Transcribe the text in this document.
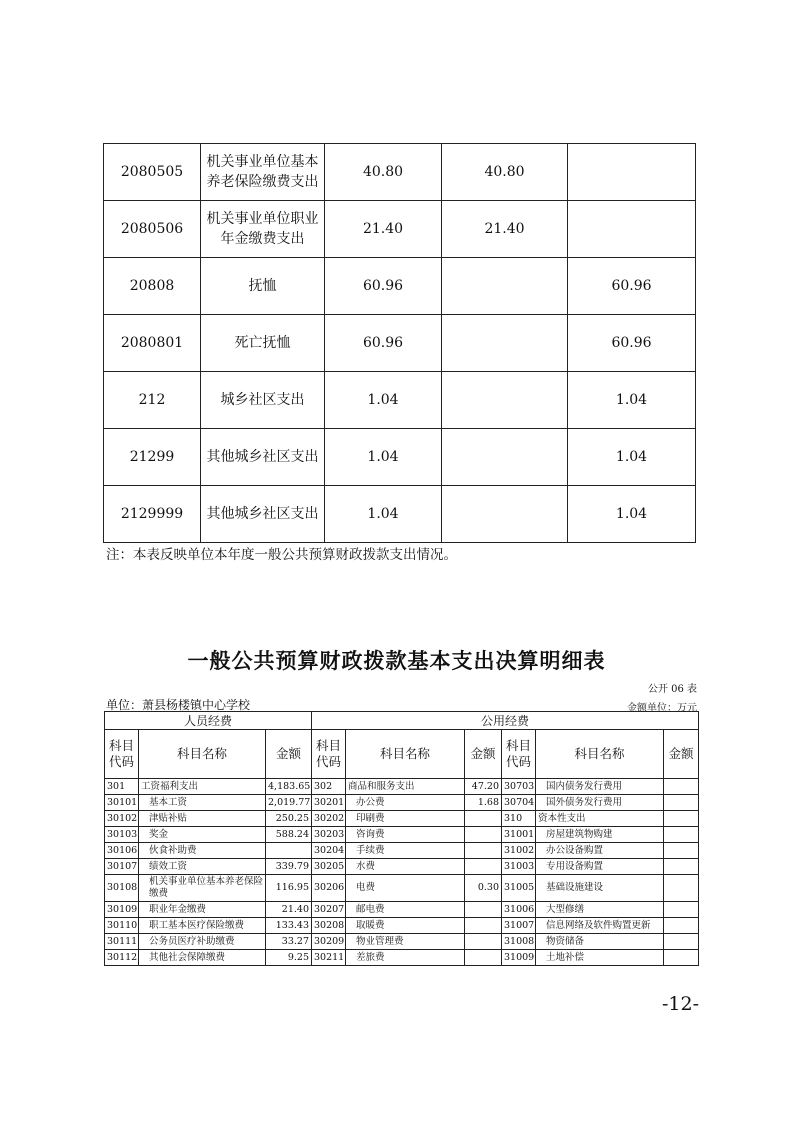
2080505	机关事业单位基本养老保险缴费支出	40.80	40.80	
2080506	机关事业单位职业年金缴费支出	21.40	21.40	
20808	抚恤	60.96		60.96
2080801	死亡抚恤	60.96		60.96
212	城乡社区支出	1.04		1.04
21299	其他城乡社区支出	1.04		1.04
2129999	其他城乡社区支出	1.04		1.04
注：本表反映单位本年度一般公共预算财政拨款支出情况。
一般公共预算财政拨款基本支出决算明细表
公开 06 表
单位：萧县杨楼镇中心学校	金额单位：万元
人员经费			公用经费					
科目代码	科目名称	金额	科目代码	科目名称	金额	科目代码	科目名称	金额
301	工资福利支出	4,183.65	302	商品和服务支出	47.20	30703	国内债务发行费用	
30101	基本工资	2,019.77	30201	办公费	1.68	30704	国外债务发行费用	
30102	津贴补贴	250.25	30202	印刷费		310	资本性支出	
30103	奖金	588.24	30203	咨询费		31001	房屋建筑物购建	
30106	伙食补助费		30204	手续费		31002	办公设备购置	
30107	绩效工资	339.79	30205	水费		31003	专用设备购置	
30108	机关事业单位基本养老保险缴费	116.95	30206	电费	0.30	31005	基础设施建设	
30109	职业年金缴费	21.40	30207	邮电费		31006	大型修缮	
30110	职工基本医疗保险缴费	133.43	30208	取暖费		31007	信息网络及软件购置更新	
30111	公务员医疗补助缴费	33.27	30209	物业管理费		31008	物资储备	
30112	其他社会保障缴费	9.25	30211	差旅费		31009	土地补偿	
-12-
